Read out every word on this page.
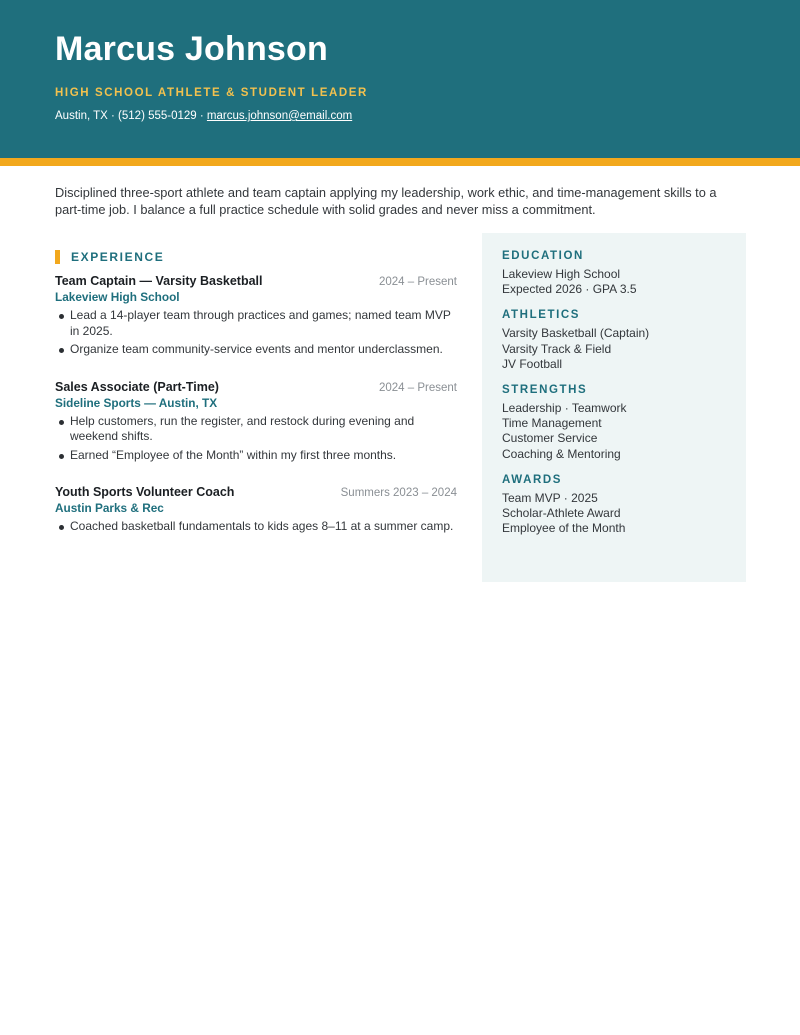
Marcus Johnson
HIGH SCHOOL ATHLETE & STUDENT LEADER
Austin, TX · (512) 555-0129 · marcus.johnson@email.com
Disciplined three-sport athlete and team captain applying my leadership, work ethic, and time-management skills to a part-time job. I balance a full practice schedule with solid grades and never miss a commitment.
EXPERIENCE
Team Captain — Varsity Basketball	2024 – Present
Lakeview High School
Lead a 14-player team through practices and games; named team MVP in 2025.
Organize team community-service events and mentor underclassmen.
Sales Associate (Part-Time)	2024 – Present
Sideline Sports — Austin, TX
Help customers, run the register, and restock during evening and weekend shifts.
Earned “Employee of the Month” within my first three months.
Youth Sports Volunteer Coach	Summers 2023 – 2024
Austin Parks & Rec
Coached basketball fundamentals to kids ages 8–11 at a summer camp.
EDUCATION
Lakeview High School
Expected 2026 · GPA 3.5
ATHLETICS
Varsity Basketball (Captain)
Varsity Track & Field
JV Football
STRENGTHS
Leadership · Teamwork
Time Management
Customer Service
Coaching & Mentoring
AWARDS
Team MVP · 2025
Scholar-Athlete Award
Employee of the Month
